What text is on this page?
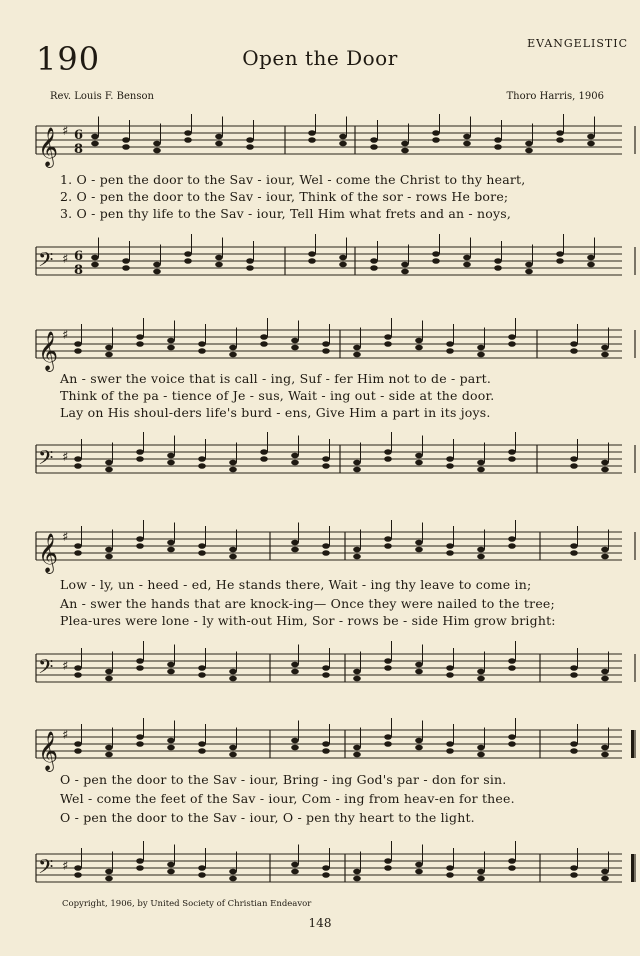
190	Open the Door
EVANGELISTIC
Rev. Louis F. Benson	Thoro Harris, 1906
𝄞 ♯ 6
8
1. O - pen the door to the Sav - iour, Wel - come the Christ to thy heart,
2. O - pen the door to the Sav - iour, Think of the sor - rows He bore;
3. O - pen thy life to the Sav - iour, Tell Him what frets and an - noys,
𝄢 ♯ 6
8
𝄞 ♯
An - swer the voice that is call - ing, Suf - fer Him not to de - part.
Think of the pa - tience of Je - sus, Wait - ing out - side at the door.
Lay on His shoul-ders life's burd - ens, Give Him a part in its joys.
𝄢 ♯
𝄞 ♯
Low - ly, un - heed - ed, He stands there, Wait - ing thy leave to come in;
An - swer the hands that are knock-ing— Once they were nailed to the tree;
Plea-ures were lone - ly with-out Him, Sor - rows be - side Him grow bright:
𝄢 ♯
𝄞 ♯
O - pen the door to the Sav - iour, Bring - ing God's par - don for sin.
Wel - come the feet of the Sav - iour, Com - ing from heav-en for thee.
O - pen the door to the Sav - iour, O - pen thy heart to the light.
𝄢 ♯
Copyright, 1906, by United Society of Christian Endeavor
148
